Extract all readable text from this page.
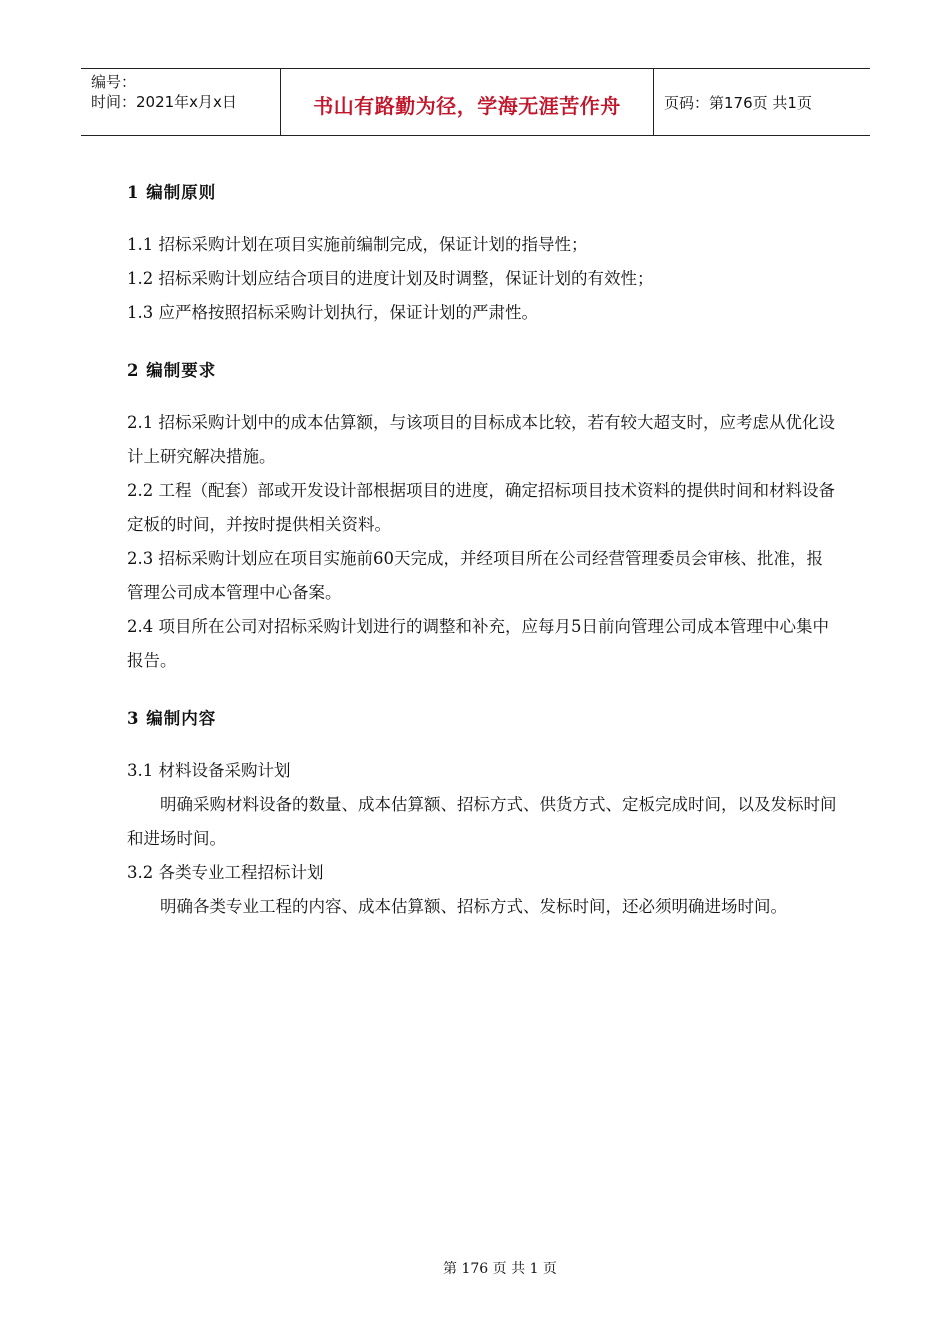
编号：
时间：2021年x月x日	书山有路勤为径，学海无涯苦作舟	页码：第176页 共1页

1 编制原则

1.1 招标采购计划在项目实施前编制完成，保证计划的指导性；

1.2 招标采购计划应结合项目的进度计划及时调整，保证计划的有效性；

1.3 应严格按照招标采购计划执行，保证计划的严肃性。

2 编制要求

2.1 招标采购计划中的成本估算额，与该项目的目标成本比较，若有较大超支时，应考虑从优化设计上研究解决措施。

2.2 工程（配套）部或开发设计部根据项目的进度，确定招标项目技术资料的提供时间和材料设备定板的时间，并按时提供相关资料。

2.3 招标采购计划应在项目实施前60天完成，并经项目所在公司经营管理委员会审核、批准，报管理公司成本管理中心备案。

2.4 项目所在公司对招标采购计划进行的调整和补充，应每月5日前向管理公司成本管理中心集中报告。

3 编制内容

3.1 材料设备采购计划

明确采购材料设备的数量、成本估算额、招标方式、供货方式、定板完成时间，以及发标时间和进场时间。

3.2 各类专业工程招标计划

明确各类专业工程的内容、成本估算额、招标方式、发标时间，还必须明确进场时间。

第 176 页 共 1 页
